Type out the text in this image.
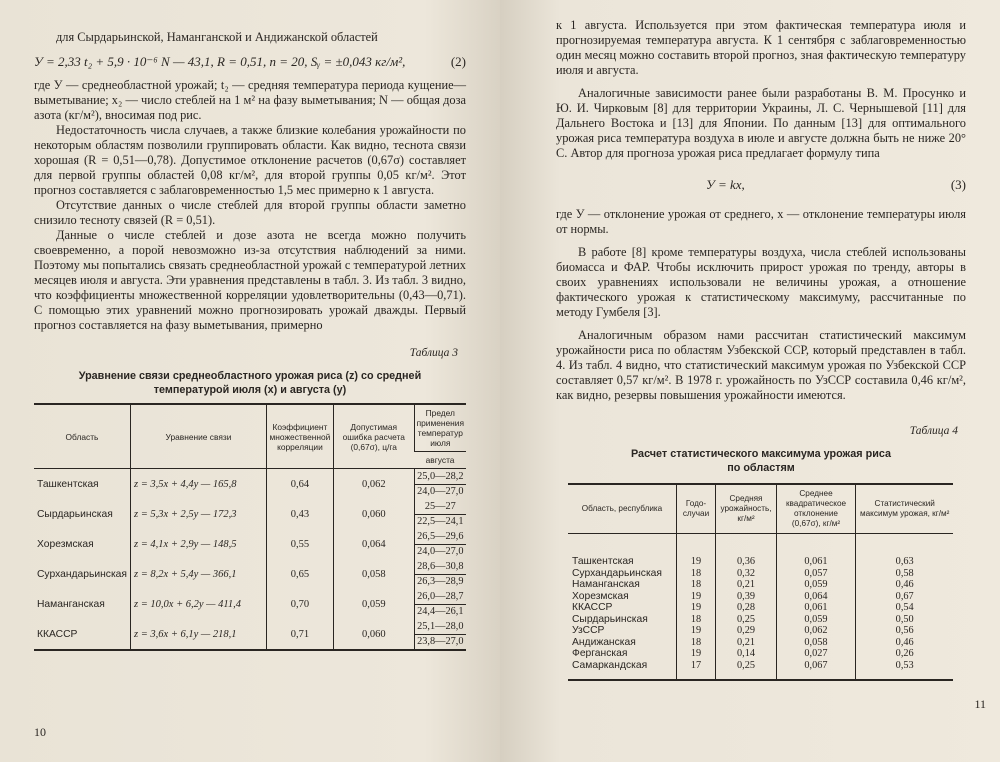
для Сырдарьинской, Наманганской и Андижанской областей

У = 2,33 t₂ + 5,9 · 10⁻⁶ N — 43,1, R = 0,51, n = 20, Sᵧ = ±0,043 кг/м²,	(2)

где У — среднеобластной урожай; t₂ — средняя температура периода кущение—выметывание; x₂ — число стеблей на 1 м² на фазу выметывания; N — общая доза азота (кг/м²), вносимая под рис.

Недостаточность числа случаев, а также близкие колебания урожайности по некоторым областям позволили группировать области. Как видно, теснота связи хорошая (R = 0,51—0,78). Допустимое отклонение расчетов (0,67σ) составляет для первой группы областей 0,08 кг/м², для второй группы 0,05 кг/м². Этот прогноз составляется с заблаговременностью 1,5 мес примерно к 1 августа.

Отсутствие данных о числе стеблей для второй группы области заметно снизило тесноту связей (R = 0,51).

Данные о числе стеблей и дозе азота не всегда можно получить своевременно, а порой невозможно из-за отсутствия наблюдений за ними. Поэтому мы попытались связать среднеобластной урожай с температурой летних месяцев июля и августа. Эти уравнения представлены в табл. 3. Из табл. 3 видно, что коэффициенты множественной корреляции удовлетворительны (0,43—0,71). С помощью этих уравнений можно прогнозировать урожай дважды. Первый прогноз составляется на фазу выметывания, примерно

Таблица 3
Уравнение связи среднеобластного урожая риса (z) со средней
температурой июля (x) и августа (y)
Область	Уравнение связи	Коэффициент множественной корреляции	Допустимая ошибка расчета (0,67σ), ц/га	Предел применения температур
июля

				августа
Ташкентская	z = 3,5x + 4,4y — 165,8	0,64	0,062	25,0—28,2
24,0—27,0

Сырдарьинская	z = 5,3x + 2,5y — 172,3	0,43	0,060	25—27
22,5—24,1

Хорезмская	z = 4,1x + 2,9y — 148,5	0,55	0,064	26,5—29,6
24,0—27,0

Сурхандарьинская	z = 8,2x + 5,4y — 366,1	0,65	0,058	28,6—30,8
26,3—28,9

Наманганская	z = 10,0x + 6,2y — 411,4	0,70	0,059	26,0—28,7
24,4—26,1

ККАССР	z = 3,6x + 6,1y — 218,1	0,71	0,060	25,1—28,0
23,8—27,0
10

к 1 августа. Используется при этом фактическая температура июля и прогнозируемая температура августа. К 1 сентября с заблаговременностью один месяц можно составить второй прогноз, зная фактическую температуру июля и августа.

Аналогичные зависимости ранее были разработаны В. М. Просунко и Ю. И. Чирковым [8] для территории Украины, Л. С. Чернышевой [11] для Дальнего Востока и [13] для Японии. По данным [13] для оптимального урожая риса температура воздуха в июле и августе должна быть не ниже 20° С. Автор для прогноза урожая риса предлагает формулу типа

У = kx,	(3)

где У — отклонение урожая от среднего, x — отклонение температуры июля от нормы.

В работе [8] кроме температуры воздуха, числа стеблей использованы биомасса и ФАР. Чтобы исключить прирост урожая по тренду, авторы в своих уравнениях использовали не величины урожая, а отношение фактического урожая к статистическому максимуму, рассчитанные по методу Гумбеля [3].

Аналогичным образом нами рассчитан статистический максимум урожайности риса по областям Узбекской ССР, который представлен в табл. 4. Из табл. 4 видно, что статистический максимум урожая по Узбекской ССР составляет 0,57 кг/м². В 1978 г. урожайность по УзССР составила 0,46 кг/м², как видно, резервы повышения урожайности имеются.

Таблица 4
Расчет статистического максимума урожая риса
по областям
Область, республика	Годо-случаи	Средняя урожайность, кг/м²	Среднее квадратическое отклонение (0,67σ), кг/м²	Статистический максимум урожая, кг/м²
Ташкентская	19	0,36	0,061	0,63
Сурхандарьинская	18	0,32	0,057	0,58
Наманганская	18	0,21	0,059	0,46
Хорезмская	19	0,39	0,064	0,67
ККАССР	19	0,28	0,061	0,54
Сырдарьинская	18	0,25	0,059	0,50
УзССР	19	0,29	0,062	0,56
Андижанская	18	0,21	0,058	0,46
Ферганская	19	0,14	0,027	0,26
Самаркандская	17	0,25	0,067	0,53
11
